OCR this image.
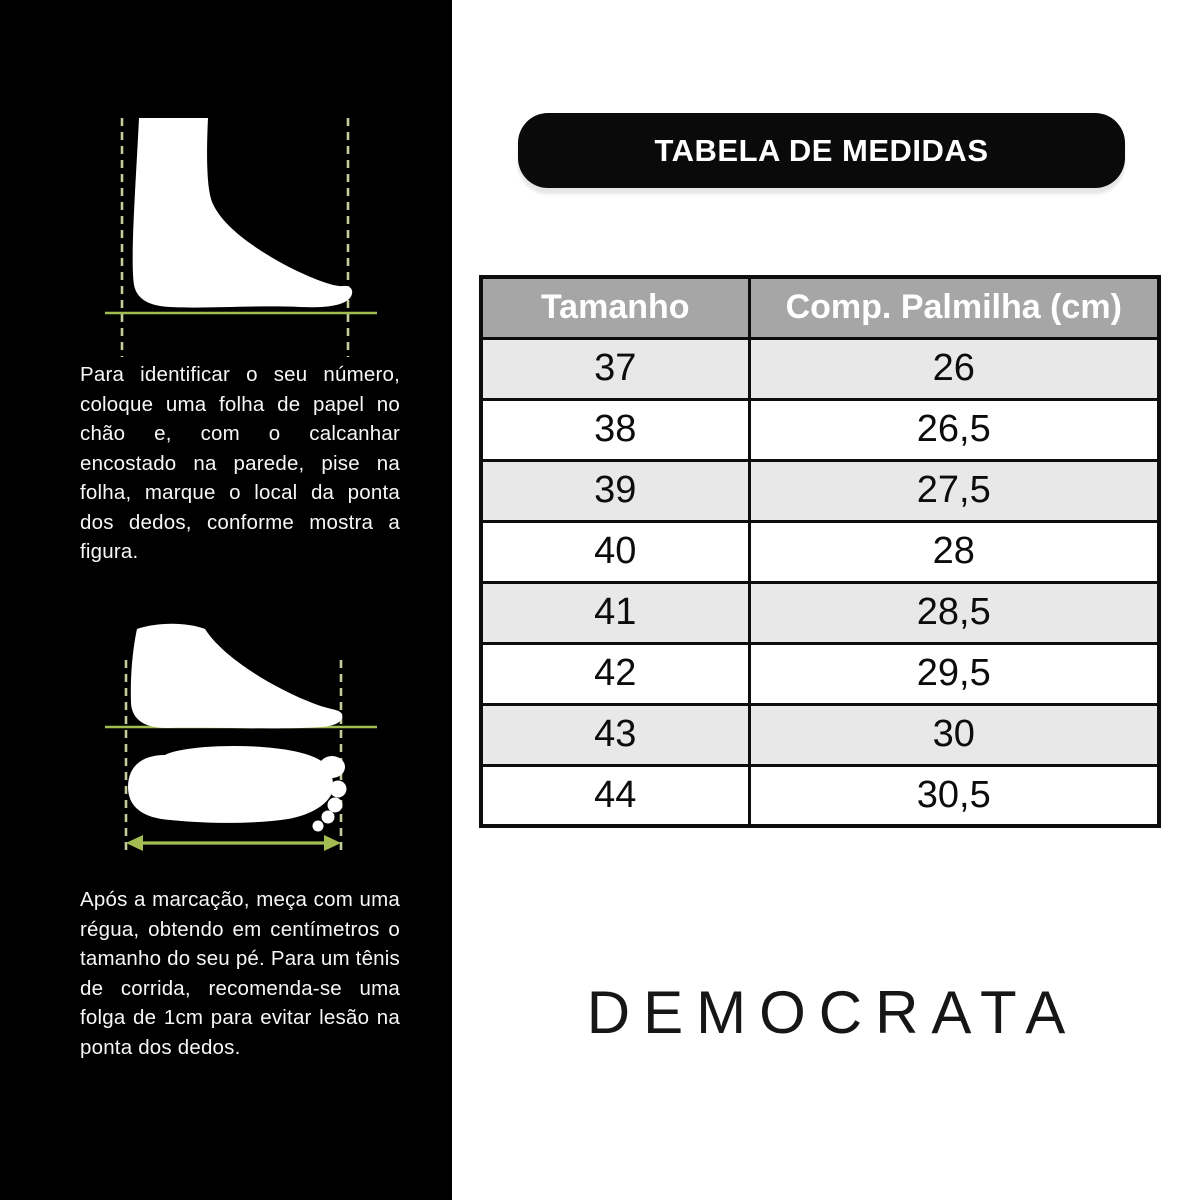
Para identificar o seu número, coloque uma folha de papel no chão e, com o calcanhar encostado na parede, pise na folha, marque o local da ponta dos dedos, conforme mostra a figura.

Após a marcação, meça com uma régua, obtendo em centímetros o tamanho do seu pé. Para um tênis de corrida, recomenda-se uma folga de 1cm para evitar lesão na ponta dos dedos.

TABELA DE MEDIDAS
Tamanho	Comp. Palmilha (cm)
37	26
38	26,5
39	27,5
40	28
41	28,5
42	29,5
43	30
44	30,5
DEMOCRATA
